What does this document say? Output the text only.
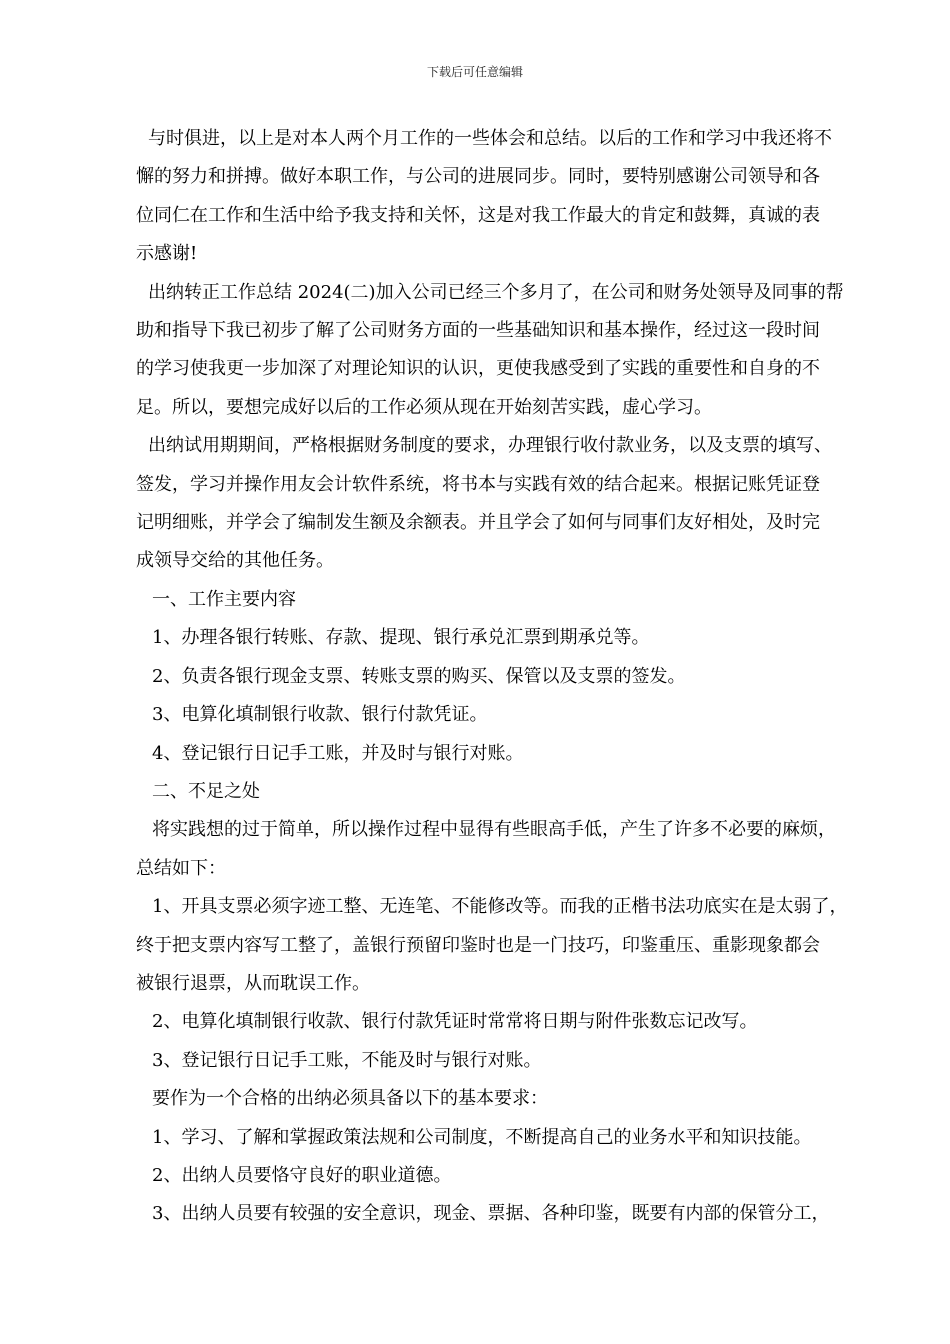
下载后可任意编辑
与时俱进，以上是对本人两个月工作的一些体会和总结。以后的工作和学习中我还将不
懈的努力和拼搏。做好本职工作，与公司的进展同步。同时，要特别感谢公司领导和各
位同仁在工作和生活中给予我支持和关怀，这是对我工作最大的肯定和鼓舞，真诚的表
示感谢!
出纳转正工作总结 2024(二)加入公司已经三个多月了，在公司和财务处领导及同事的帮
助和指导下我已初步了解了公司财务方面的一些基础知识和基本操作，经过这一段时间
的学习使我更一步加深了对理论知识的认识，更使我感受到了实践的重要性和自身的不
足。所以，要想完成好以后的工作必须从现在开始刻苦实践，虚心学习。
出纳试用期期间，严格根据财务制度的要求，办理银行收付款业务，以及支票的填写、
签发，学习并操作用友会计软件系统，将书本与实践有效的结合起来。根据记账凭证登
记明细账，并学会了编制发生额及余额表。并且学会了如何与同事们友好相处，及时完
成领导交给的其他任务。
一、工作主要内容
1、办理各银行转账、存款、提现、银行承兑汇票到期承兑等。
2、负责各银行现金支票、转账支票的购买、保管以及支票的签发。
3、电算化填制银行收款、银行付款凭证。
4、登记银行日记手工账，并及时与银行对账。
二、不足之处
将实践想的过于简单，所以操作过程中显得有些眼高手低，产生了许多不必要的麻烦，
总结如下：
1、开具支票必须字迹工整、无连笔、不能修改等。而我的正楷书法功底实在是太弱了，
终于把支票内容写工整了，盖银行预留印鉴时也是一门技巧，印鉴重压、重影现象都会
被银行退票，从而耽误工作。
2、电算化填制银行收款、银行付款凭证时常常将日期与附件张数忘记改写。
3、登记银行日记手工账，不能及时与银行对账。
要作为一个合格的出纳必须具备以下的基本要求：
1、学习、了解和掌握政策法规和公司制度，不断提高自己的业务水平和知识技能。
2、出纳人员要恪守良好的职业道德。
3、出纳人员要有较强的安全意识，现金、票据、各种印鉴，既要有内部的保管分工，
